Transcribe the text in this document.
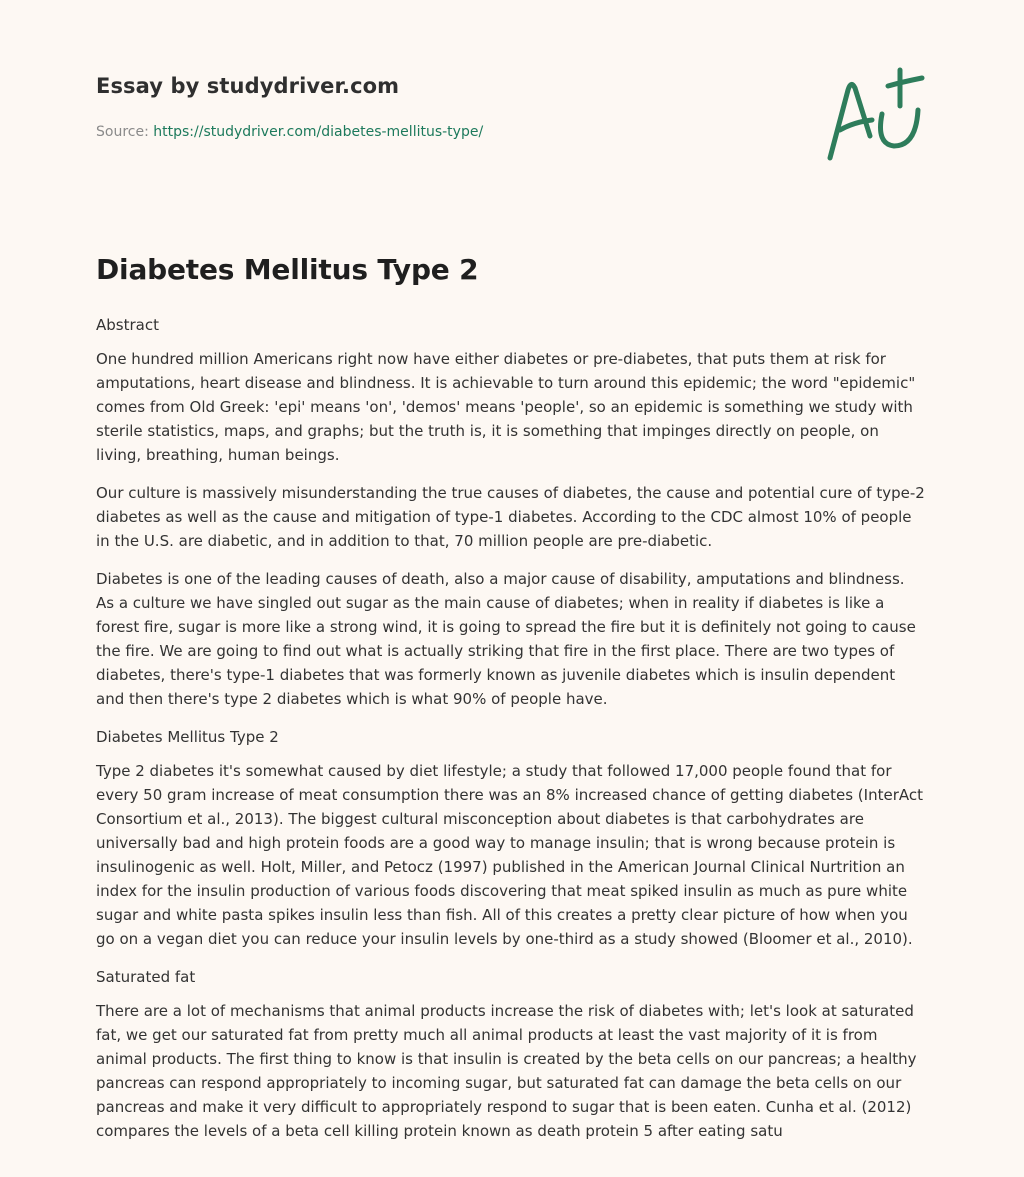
Essay by studydriver.com
Source: https://studydriver.com/diabetes-mellitus-type/
Diabetes Mellitus Type 2
Abstract

One hundred million Americans right now have either diabetes or pre-diabetes, that puts them at risk for amputations, heart disease and blindness. It is achievable to turn around this epidemic; the word "epidemic" comes from Old Greek: 'epi' means 'on', 'demos' means 'people', so an epidemic is something we study with sterile statistics, maps, and graphs; but the truth is, it is something that impinges directly on people, on living, breathing, human beings.

Our culture is massively misunderstanding the true causes of diabetes, the cause and potential cure of type-2 diabetes as well as the cause and mitigation of type-1 diabetes. According to the CDC almost 10% of people in the U.S. are diabetic, and in addition to that, 70 million people are pre-diabetic.

Diabetes is one of the leading causes of death, also a major cause of disability, amputations and blindness. As a culture we have singled out sugar as the main cause of diabetes; when in reality if diabetes is like a forest fire, sugar is more like a strong wind, it is going to spread the fire but it is definitely not going to cause the fire. We are going to find out what is actually striking that fire in the first place. There are two types of diabetes, there's type-1 diabetes that was formerly known as juvenile diabetes which is insulin dependent and then there's type 2 diabetes which is what 90% of people have.

Diabetes Mellitus Type 2

Type 2 diabetes it's somewhat caused by diet lifestyle; a study that followed 17,000 people found that for every 50 gram increase of meat consumption there was an 8% increased chance of getting diabetes (InterAct Consortium et al., 2013). The biggest cultural misconception about diabetes is that carbohydrates are universally bad and high protein foods are a good way to manage insulin; that is wrong because protein is insulinogenic as well. Holt, Miller, and Petocz (1997) published in the American Journal Clinical Nurtrition an index for the insulin production of various foods discovering that meat spiked insulin as much as pure white sugar and white pasta spikes insulin less than fish. All of this creates a pretty clear picture of how when you go on a vegan diet you can reduce your insulin levels by one-third as a study showed (Bloomer et al., 2010).

Saturated fat

There are a lot of mechanisms that animal products increase the risk of diabetes with; let's look at saturated fat, we get our saturated fat from pretty much all animal products at least the vast majority of it is from animal products. The first thing to know is that insulin is created by the beta cells on our pancreas; a healthy pancreas can respond appropriately to incoming sugar, but saturated fat can damage the beta cells on our pancreas and make it very difficult to appropriately respond to sugar that is been eaten. Cunha et al. (2012) compares the levels of a beta cell killing protein known as death protein 5 after eating satu
